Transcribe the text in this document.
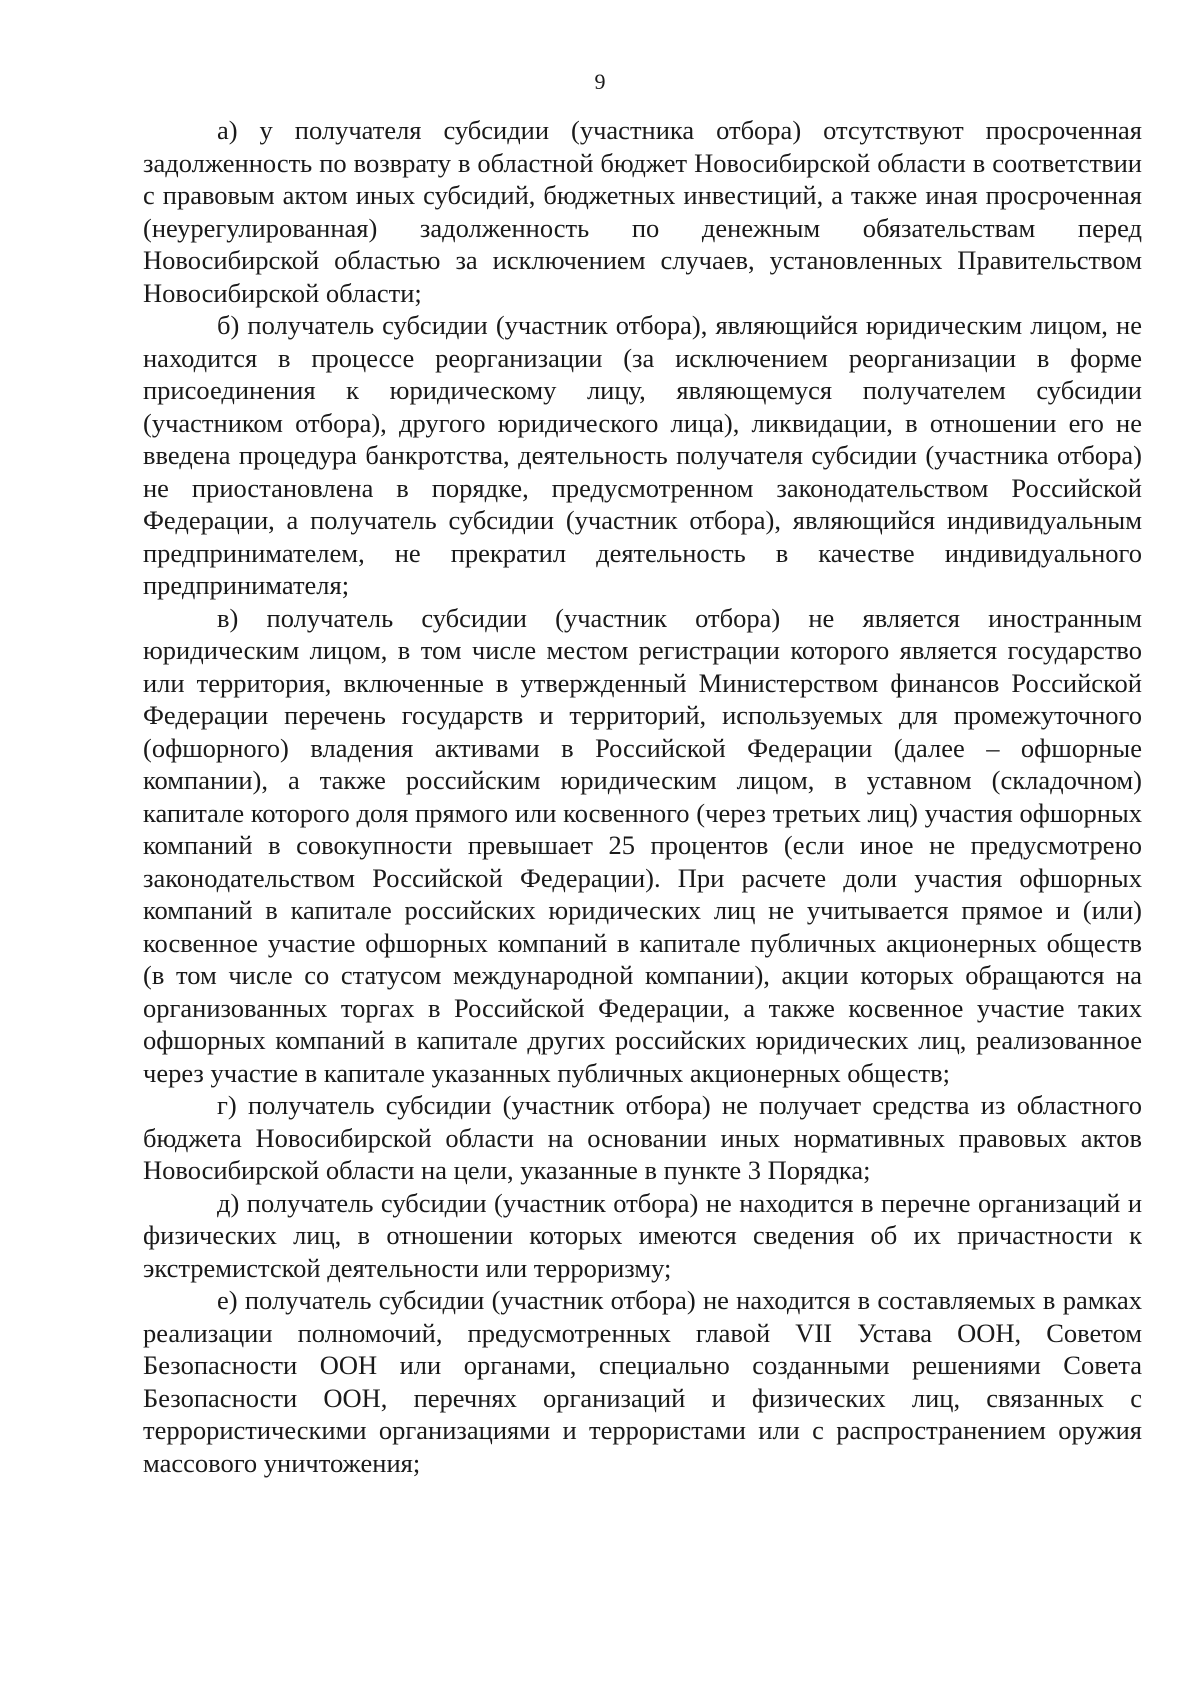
9

а) у получателя субсидии (участника отбора) отсутствуют просроченная задолженность по возврату в областной бюджет Новосибирской области в соответствии с правовым актом иных субсидий, бюджетных инвестиций, а также иная просроченная (неурегулированная) задолженность по денежным обязательствам перед Новосибирской областью за исключением случаев, установленных Правительством Новосибирской области;

б) получатель субсидии (участник отбора), являющийся юридическим лицом, не находится в процессе реорганизации (за исключением реорганизации в форме присоединения к юридическому лицу, являющемуся получателем субсидии (участником отбора), другого юридического лица), ликвидации, в отношении его не введена процедура банкротства, деятельность получателя субсидии (участника отбора) не приостановлена в порядке, предусмотренном законодательством Российской Федерации, а получатель субсидии (участник отбора), являющийся индивидуальным предпринимателем, не прекратил деятельность в качестве индивидуального предпринимателя;

в) получатель субсидии (участник отбора) не является иностранным юридическим лицом, в том числе местом регистрации которого является государство или территория, включенные в утвержденный Министерством финансов Российской Федерации перечень государств и территорий, используемых для промежуточного (офшорного) владения активами в Российской Федерации (далее – офшорные компании), а также российским юридическим лицом, в уставном (складочном) капитале которого доля прямого или косвенного (через третьих лиц) участия офшорных компаний в совокупности превышает 25 процентов (если иное не предусмотрено законодательством Российской Федерации). При расчете доли участия офшорных компаний в капитале российских юридических лиц не учитывается прямое и (или) косвенное участие офшорных компаний в капитале публичных акционерных обществ (в том числе со статусом международной компании), акции которых обращаются на организованных торгах в Российской Федерации, а также косвенное участие таких офшорных компаний в капитале других российских юридических лиц, реализованное через участие в капитале указанных публичных акционерных обществ;

г) получатель субсидии (участник отбора) не получает средства из областного бюджета Новосибирской области на основании иных нормативных правовых актов Новосибирской области на цели, указанные в пункте 3 Порядка;

д) получатель субсидии (участник отбора) не находится в перечне организаций и физических лиц, в отношении которых имеются сведения об их причастности к экстремистской деятельности или терроризму;

е) получатель субсидии (участник отбора) не находится в составляемых в рамках реализации полномочий, предусмотренных главой VII Устава ООН, Советом Безопасности ООН или органами, специально созданными решениями Совета Безопасности ООН, перечнях организаций и физических лиц, связанных с террористическими организациями и террористами или с распространением оружия массового уничтожения;
